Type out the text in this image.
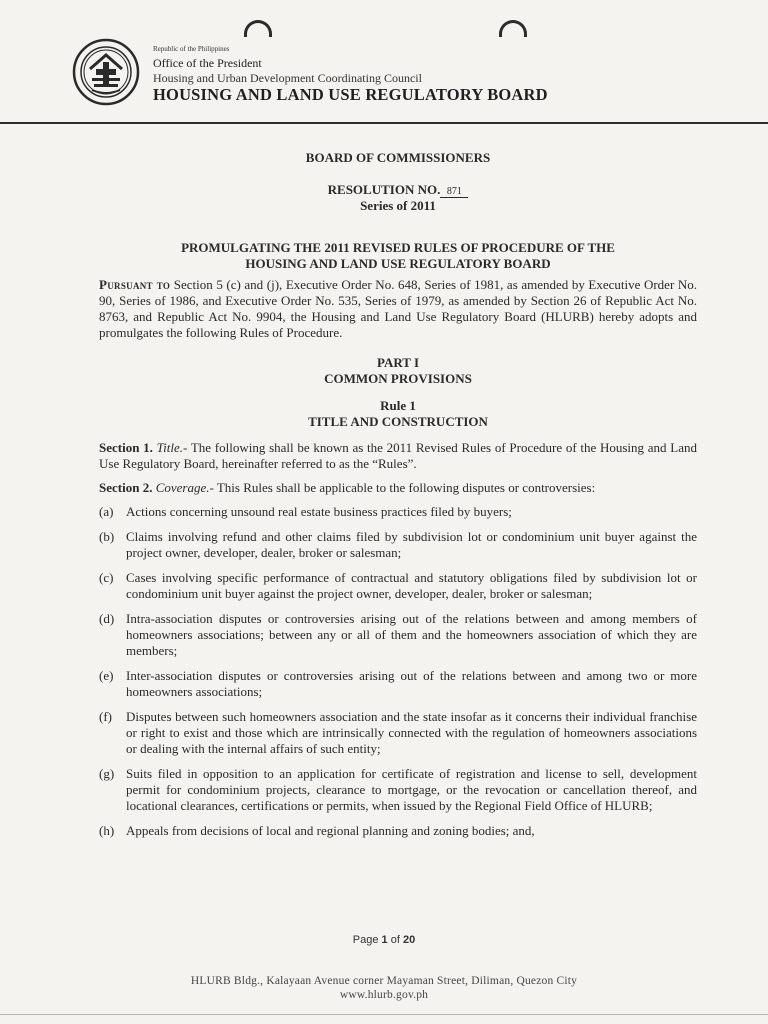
Republic of the Philippines
Office of the President
Housing and Urban Development Coordinating Council
HOUSING AND LAND USE REGULATORY BOARD
BOARD OF COMMISSIONERS
RESOLUTION NO. 871
Series of 2011
PROMULGATING THE 2011 REVISED RULES OF PROCEDURE OF THE
HOUSING AND LAND USE REGULATORY BOARD
Pursuant to Section 5 (c) and (j), Executive Order No. 648, Series of 1981, as amended by Executive Order No. 90, Series of 1986, and Executive Order No. 535, Series of 1979, as amended by Section 26 of Republic Act No. 8763, and Republic Act No. 9904, the Housing and Land Use Regulatory Board (HLURB) hereby adopts and promulgates the following Rules of Procedure.
PART I
COMMON PROVISIONS
Rule 1
TITLE AND CONSTRUCTION
Section 1. Title.- The following shall be known as the 2011 Revised Rules of Procedure of the Housing and Land Use Regulatory Board, hereinafter referred to as the “Rules”.
Section 2. Coverage.- This Rules shall be applicable to the following disputes or controversies:
(a) Actions concerning unsound real estate business practices filed by buyers;
(b) Claims involving refund and other claims filed by subdivision lot or condominium unit buyer against the project owner, developer, dealer, broker or salesman;
(c) Cases involving specific performance of contractual and statutory obligations filed by subdivision lot or condominium unit buyer against the project owner, developer, dealer, broker or salesman;
(d) Intra-association disputes or controversies arising out of the relations between and among members of homeowners associations; between any or all of them and the homeowners association of which they are members;
(e) Inter-association disputes or controversies arising out of the relations between and among two or more homeowners associations;
(f) Disputes between such homeowners association and the state insofar as it concerns their individual franchise or right to exist and those which are intrinsically connected with the regulation of homeowners associations or dealing with the internal affairs of such entity;
(g) Suits filed in opposition to an application for certificate of registration and license to sell, development permit for condominium projects, clearance to mortgage, or the revocation or cancellation thereof, and locational clearances, certifications or permits, when issued by the Regional Field Office of HLURB;
(h) Appeals from decisions of local and regional planning and zoning bodies; and,
Page 1 of 20
HLURB Bldg., Kalayaan Avenue corner Mayaman Street, Diliman, Quezon City
www.hlurb.gov.ph
